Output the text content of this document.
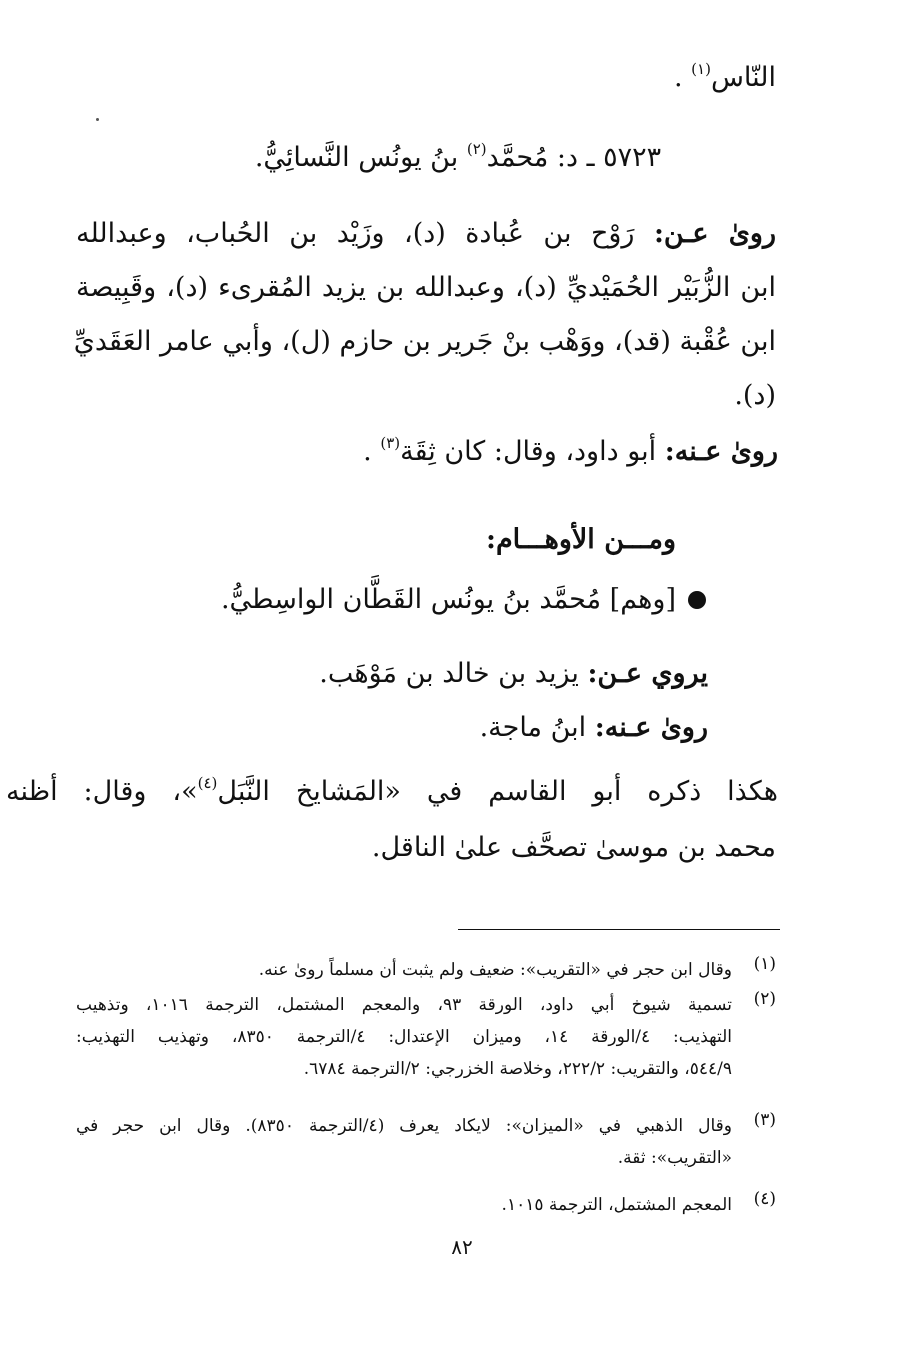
النّاس$^{(١)}$ .
٥٧٢٣ ـ د: مُحمَّد$^{(٢)}$ بنُ يونُس النَّسائِيُّ.
روىٰ عـن: رَوْح بن عُبادة (د)، وزَيْد بن الحُباب، وعبدالله
ابن الزُّبَيْر الحُمَيْديِّ (د)، وعبدالله بن يزيد المُقرىء (د)، وقَبِيصة
ابن عُقْبة (قد)، ووَهْب بنْ جَرير بن حازم (ل)، وأبي عامر العَقَديِّ
(د).
روىٰ عـنه: أبو داود، وقال: كان ثِقَة$^{(٣)}$ .
ومـــن الأوهـــام:
[وهم] مُحمَّد بنُ يونُس القَطَّان الواسِطيُّ.
يروي عـن: يزيد بن خالد بن مَوْهَب.
روىٰ عـنه: ابنُ ماجة.
هكذا ذكره أبو القاسم في «المَشايخ النَّبَل$^{(٤)}$»، وقال: أظنه
محمد بن موسىٰ تصحَّف علىٰ الناقل.
(١)
وقال ابن حجر في «التقريب»: ضعيف ولم يثبت أن مسلماً روىٰ عنه.
(٢)
تسمية شيوخ أبي داود، الورقة ٩٣، والمعجم المشتمل، الترجمة ١٠١٦، وتذهيب
التهذيب: ٤/الورقة ١٤، وميزان الإعتدال: ٤/الترجمة ٨٣٥٠، وتهذيب التهذيب:
٥٤٤/٩، والتقريب: ٢٢٢/٢، وخلاصة الخزرجي: ٢/الترجمة ٦٧٨٤.
(٣)
وقال الذهبي في «الميزان»: لايكاد يعرف (٤/الترجمة ٨٣٥٠). وقال ابن حجر في
«التقريب»: ثقة.
(٤)
المعجم المشتمل، الترجمة ١٠١٥.
٨٢
